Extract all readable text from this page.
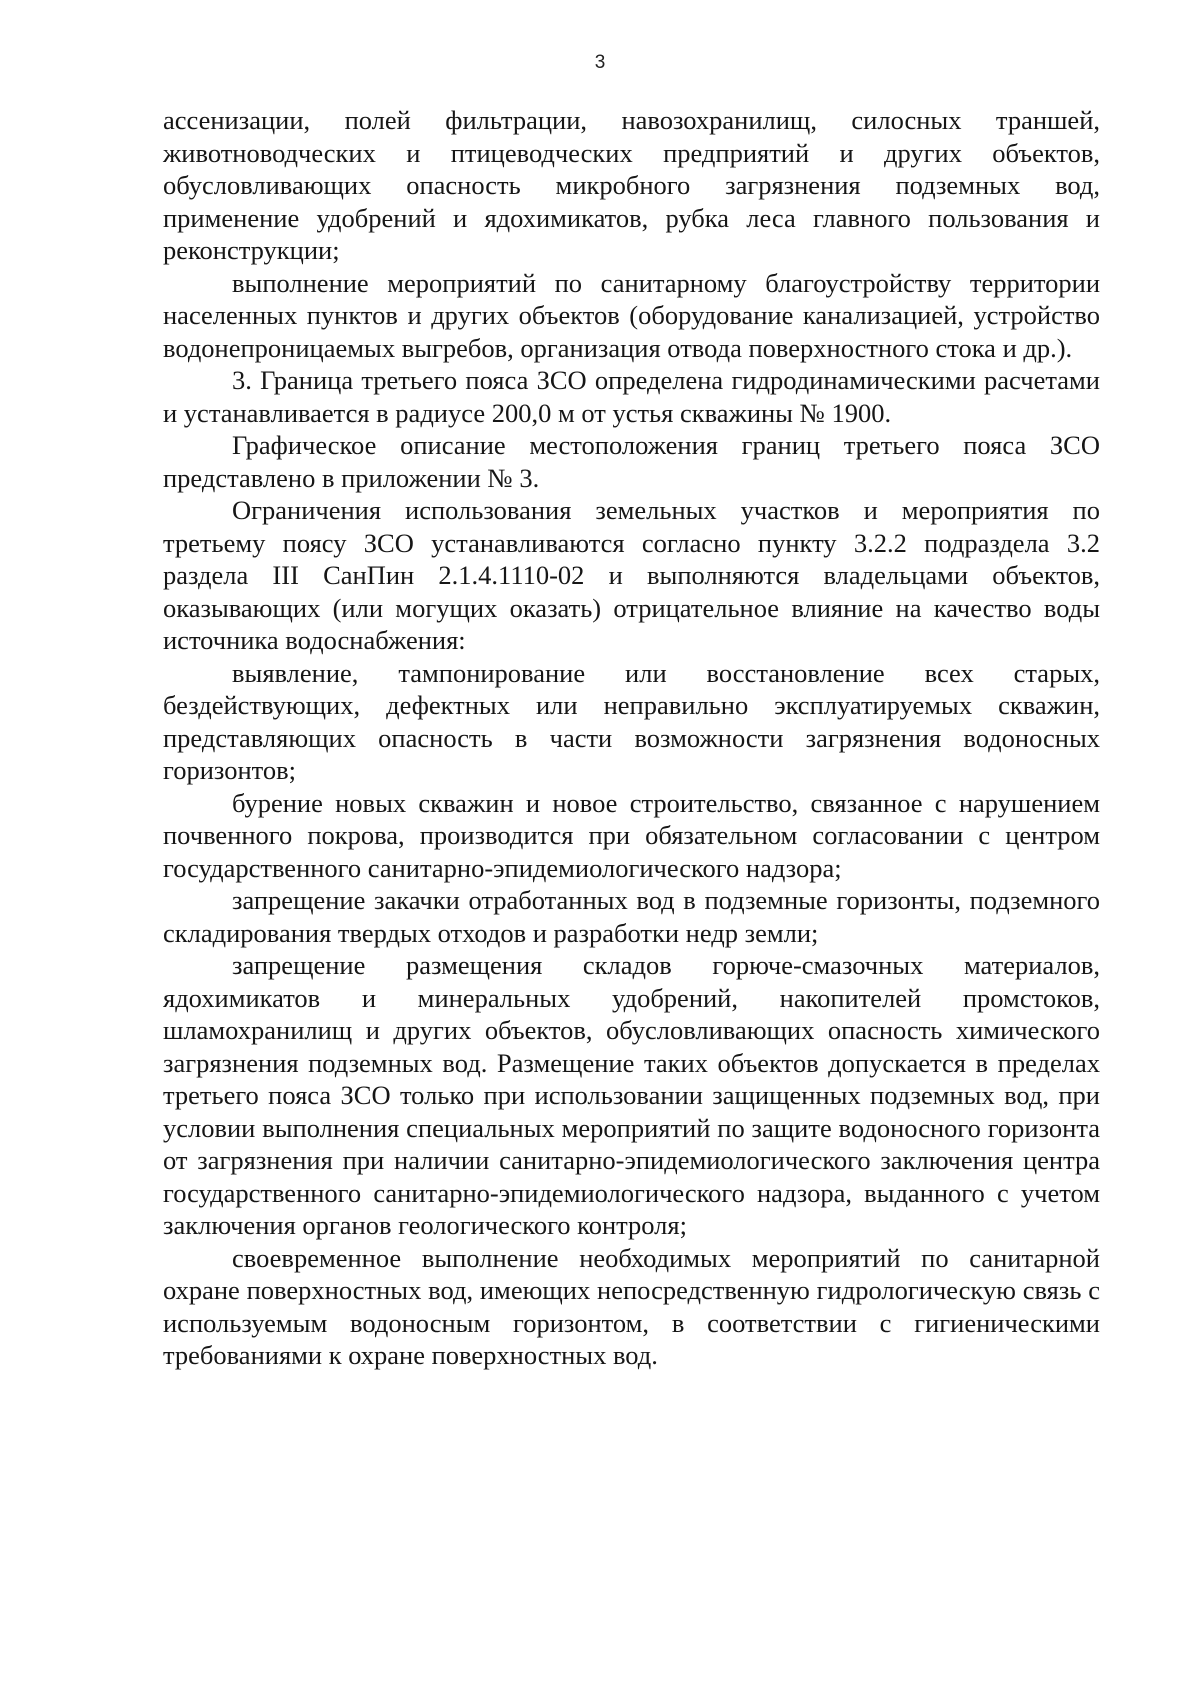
3

ассенизации, полей фильтрации, навозохранилищ, силосных траншей, животноводческих и птицеводческих предприятий и других объектов, обусловливающих опасность микробного загрязнения подземных вод, применение удобрений и ядохимикатов, рубка леса главного пользования и реконструкции;

выполнение мероприятий по санитарному благоустройству территории населенных пунктов и других объектов (оборудование канализацией, устройство водонепроницаемых выгребов, организация отвода поверхностного стока и др.).

3. Граница третьего пояса ЗСО определена гидродинамическими расчетами и устанавливается в радиусе 200,0 м от устья скважины № 1900.

Графическое описание местоположения границ третьего пояса ЗСО представлено в приложении № 3.

Ограничения использования земельных участков и мероприятия по третьему поясу ЗСО устанавливаются согласно пункту 3.2.2 подраздела 3.2 раздела III СанПин 2.1.4.1110-02 и выполняются владельцами объектов, оказывающих (или могущих оказать) отрицательное влияние на качество воды источника водоснабжения:

выявление, тампонирование или восстановление всех старых, бездействующих, дефектных или неправильно эксплуатируемых скважин, представляющих опасность в части возможности загрязнения водоносных горизонтов;

бурение новых скважин и новое строительство, связанное с нарушением почвенного покрова, производится при обязательном согласовании с центром государственного санитарно-эпидемиологического надзора;

запрещение закачки отработанных вод в подземные горизонты, подземного складирования твердых отходов и разработки недр земли;

запрещение размещения складов горюче-смазочных материалов, ядохимикатов и минеральных удобрений, накопителей промстоков, шламохранилищ и других объектов, обусловливающих опасность химического загрязнения подземных вод. Размещение таких объектов допускается в пределах третьего пояса ЗСО только при использовании защищенных подземных вод, при условии выполнения специальных мероприятий по защите водоносного горизонта от загрязнения при наличии санитарно-эпидемиологического заключения центра государственного санитарно-эпидемиологического надзора, выданного с учетом заключения органов геологического контроля;

своевременное выполнение необходимых мероприятий по санитарной охране поверхностных вод, имеющих непосредственную гидрологическую связь с используемым водоносным горизонтом, в соответствии с гигиеническими требованиями к охране поверхностных вод.
